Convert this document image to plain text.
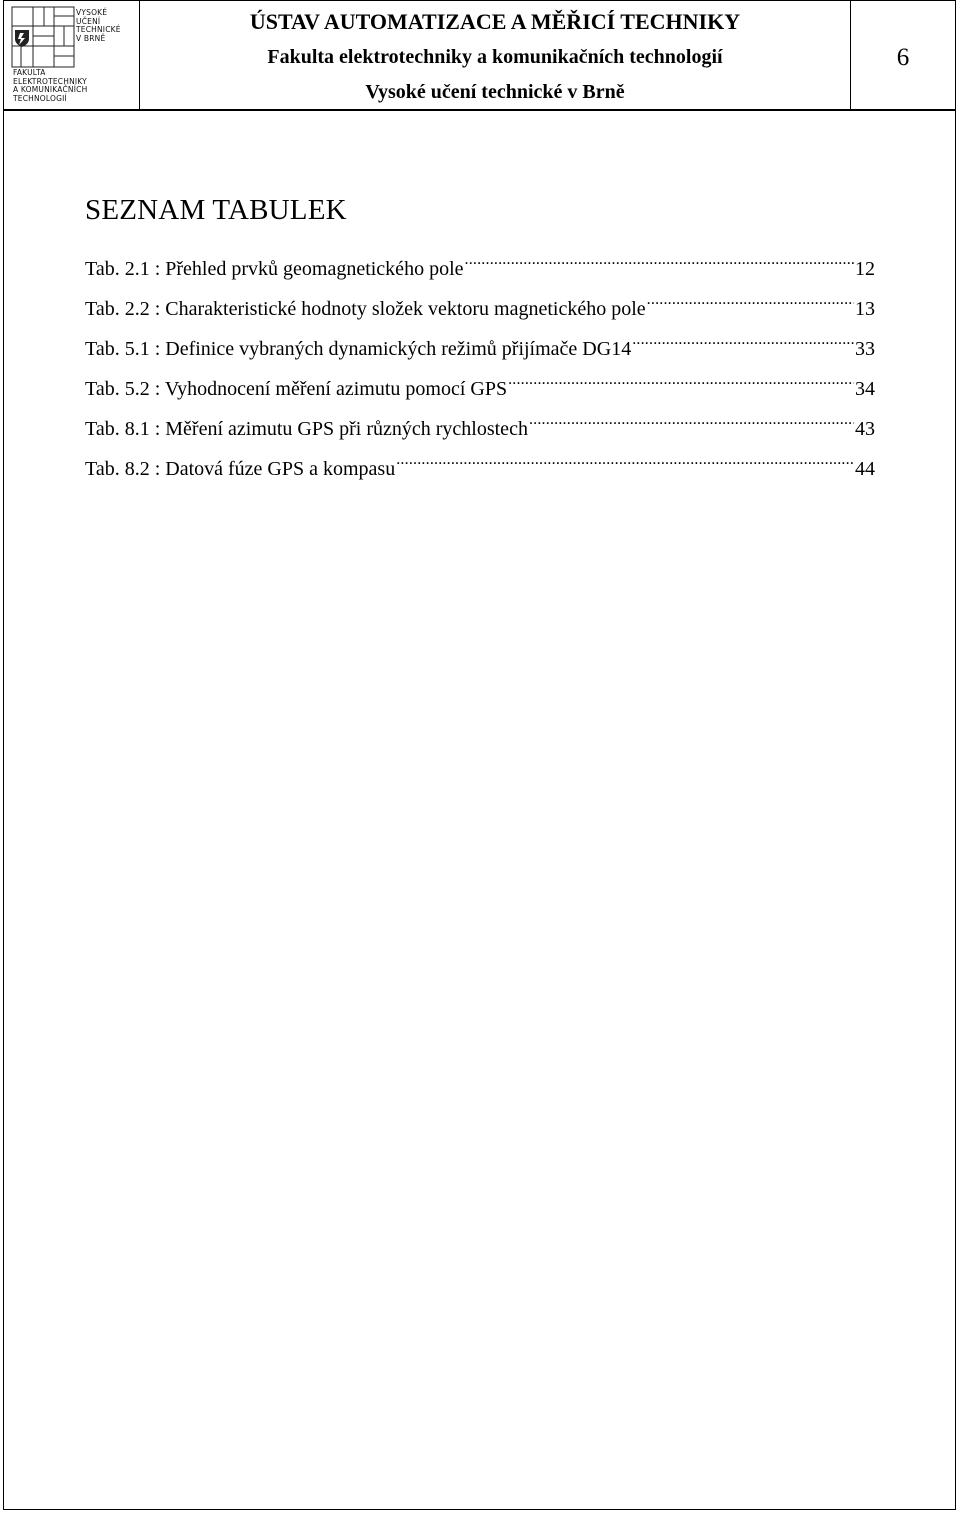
VYSOKÉ
UČENÍ
TECHNICKÉ
V BRNĚ
FAKULTA
ELEKTROTECHNIKY
A KOMUNIKAČNÍCH
TECHNOLOGIÍ
ÚSTAV AUTOMATIZACE A MĚŘICÍ TECHNIKY
Fakulta elektrotechniky a komunikačních technologií
Vysoké učení technické v Brně
6
SEZNAM TABULEK
Tab. 2.1 : Přehled prvků geomagnetického pole .....	12
Tab. 2.2 : Charakteristické hodnoty složek vektoru magnetického pole .....	13
Tab. 5.1 : Definice vybraných dynamických režimů přijímače DG14 .....	33
Tab. 5.2 : Vyhodnocení měření azimutu pomocí GPS .....	34
Tab. 8.1 : Měření azimutu GPS při různých rychlostech .....	43
Tab. 8.2 : Datová fúze GPS a kompasu .....	44
